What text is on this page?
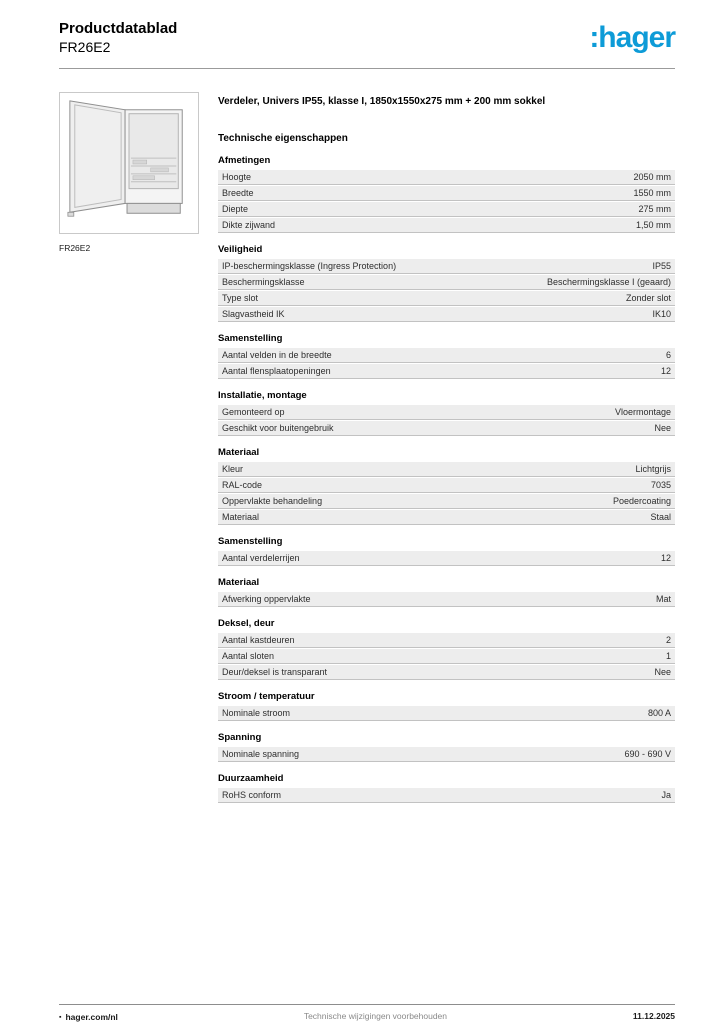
Productdatablad
FR26E2	:hager
FR26E2
Verdeler, Univers IP55, klasse I, 1850x1550x275 mm + 200 mm sokkel
Technische eigenschappen
Afmetingen
Hoogte	2050 mm
Breedte	1550 mm
Diepte	275 mm
Dikte zijwand	1,50 mm
Veiligheid
IP-beschermingsklasse (Ingress Protection)	IP55
Beschermingsklasse	Beschermingsklasse I (geaard)
Type slot	Zonder slot
Slagvastheid IK	IK10
Samenstelling
Aantal velden in de breedte	6
Aantal flensplaatopeningen	12
Installatie, montage
Gemonteerd op	Vloermontage
Geschikt voor buitengebruik	Nee
Materiaal
Kleur	Lichtgrijs
RAL-code	7035
Oppervlakte behandeling	Poedercoating
Materiaal	Staal
Samenstelling
Aantal verdelerrijen	12
Materiaal
Afwerking oppervlakte	Mat
Deksel, deur
Aantal kastdeuren	2
Aantal sloten	1
Deur/deksel is transparant	Nee
Stroom / temperatuur
Nominale stroom	800 A
Spanning
Nominale spanning	690 - 690 V
Duurzaamheid
RoHS conform	Ja
▪ hager.com/nl	Technische wijzigingen voorbehouden	11.12.2025
